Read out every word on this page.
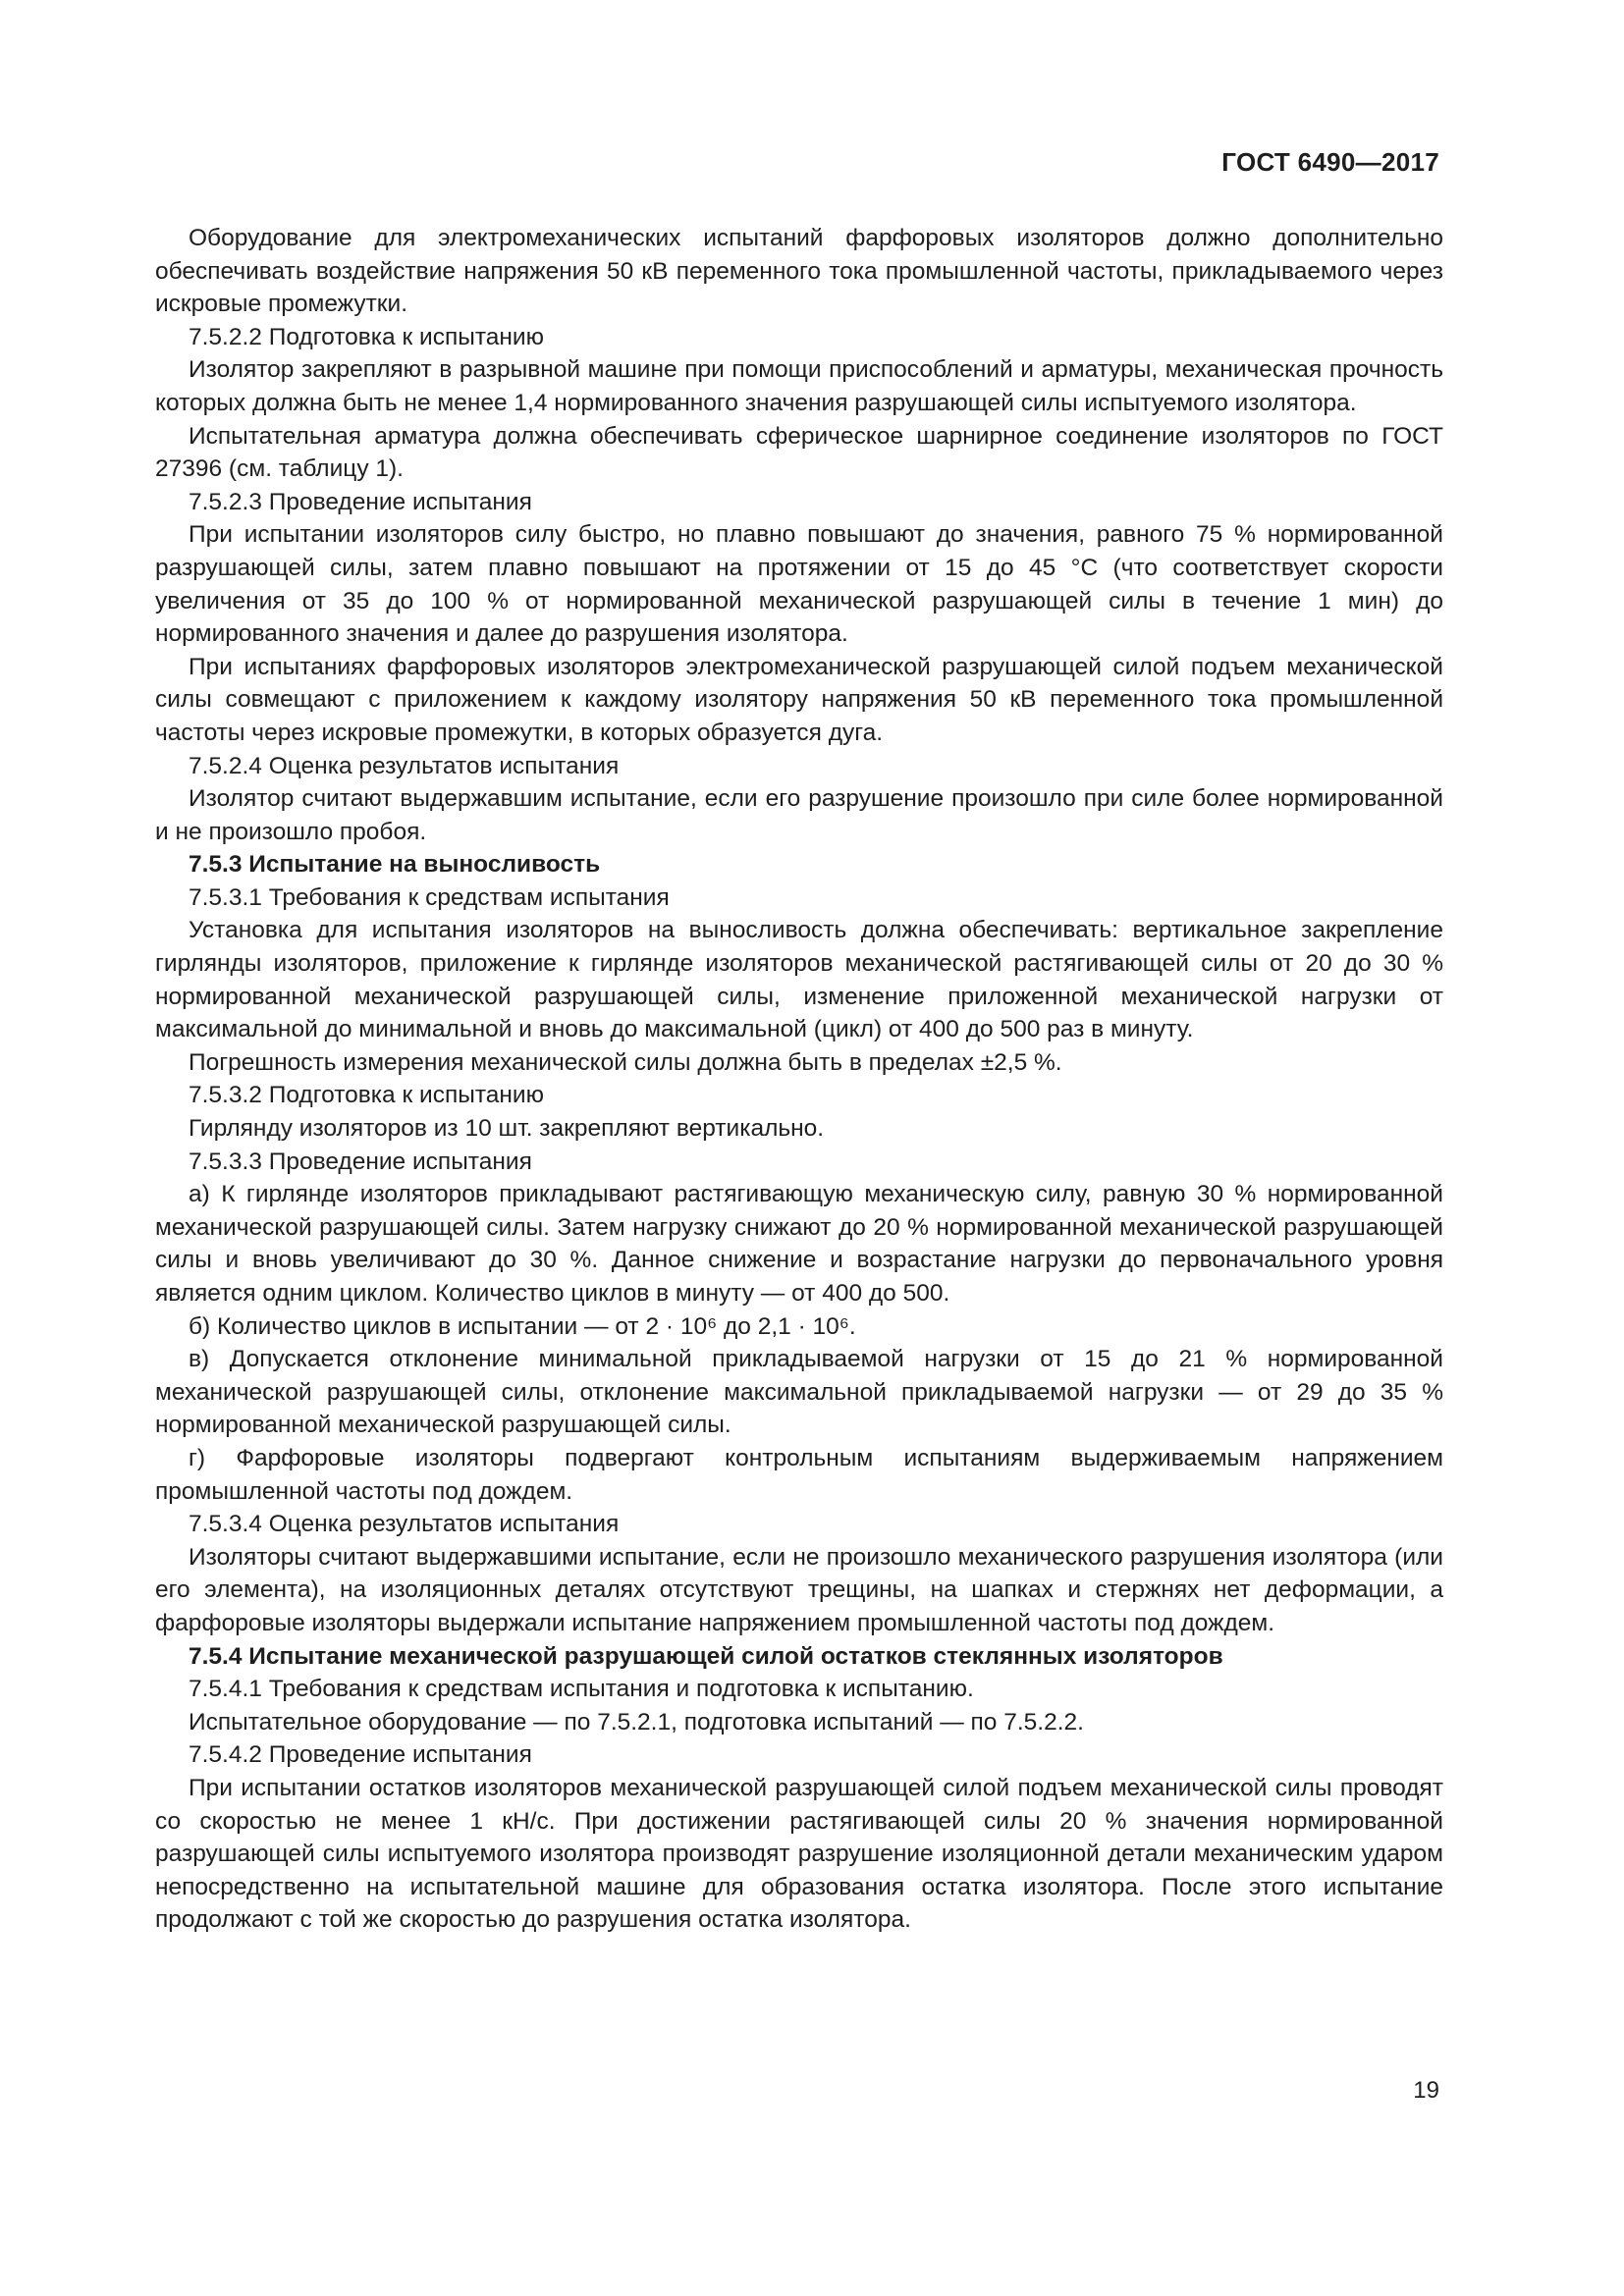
ГОСТ 6490—2017

Оборудование для электромеханических испытаний фарфоровых изоляторов должно дополнительно обеспечивать воздействие напряжения 50 кВ переменного тока промышленной частоты, прикладываемого через искровые промежутки.

7.5.2.2 Подготовка к испытанию

Изолятор закрепляют в разрывной машине при помощи приспособлений и арматуры, механическая прочность которых должна быть не менее 1,4 нормированного значения разрушающей силы испытуемого изолятора.

Испытательная арматура должна обеспечивать сферическое шарнирное соединение изоляторов по ГОСТ 27396 (см. таблицу 1).

7.5.2.3 Проведение испытания

При испытании изоляторов силу быстро, но плавно повышают до значения, равного 75 % нормированной разрушающей силы, затем плавно повышают на протяжении от 15 до 45 °С (что соответствует скорости увеличения от 35 до 100 % от нормированной механической разрушающей силы в течение 1 мин) до нормированного значения и далее до разрушения изолятора.

При испытаниях фарфоровых изоляторов электромеханической разрушающей силой подъем механической силы совмещают с приложением к каждому изолятору напряжения 50 кВ переменного тока промышленной частоты через искровые промежутки, в которых образуется дуга.

7.5.2.4 Оценка результатов испытания

Изолятор считают выдержавшим испытание, если его разрушение произошло при силе более нормированной и не произошло пробоя.

7.5.3 Испытание на выносливость

7.5.3.1 Требования к средствам испытания

Установка для испытания изоляторов на выносливость должна обеспечивать: вертикальное закрепление гирлянды изоляторов, приложение к гирлянде изоляторов механической растягивающей силы от 20 до 30 % нормированной механической разрушающей силы, изменение приложенной механической нагрузки от максимальной до минимальной и вновь до максимальной (цикл) от 400 до 500 раз в минуту.

Погрешность измерения механической силы должна быть в пределах ±2,5 %.

7.5.3.2 Подготовка к испытанию

Гирлянду изоляторов из 10 шт. закрепляют вертикально.

7.5.3.3 Проведение испытания

а) К гирлянде изоляторов прикладывают растягивающую механическую силу, равную 30 % нормированной механической разрушающей силы. Затем нагрузку снижают до 20 % нормированной механической разрушающей силы и вновь увеличивают до 30 %. Данное снижение и возрастание нагрузки до первоначального уровня является одним циклом. Количество циклов в минуту — от 400 до 500.

б) Количество циклов в испытании — от 2 · 10⁶ до 2,1 · 10⁶.

в) Допускается отклонение минимальной прикладываемой нагрузки от 15 до 21 % нормированной механической разрушающей силы, отклонение максимальной прикладываемой нагрузки — от 29 до 35 % нормированной механической разрушающей силы.

г) Фарфоровые изоляторы подвергают контрольным испытаниям выдерживаемым напряжением промышленной частоты под дождем.

7.5.3.4 Оценка результатов испытания

Изоляторы считают выдержавшими испытание, если не произошло механического разрушения изолятора (или его элемента), на изоляционных деталях отсутствуют трещины, на шапках и стержнях нет деформации, а фарфоровые изоляторы выдержали испытание напряжением промышленной частоты под дождем.

7.5.4 Испытание механической разрушающей силой остатков стеклянных изоляторов

7.5.4.1 Требования к средствам испытания и подготовка к испытанию.

Испытательное оборудование — по 7.5.2.1, подготовка испытаний — по 7.5.2.2.

7.5.4.2 Проведение испытания

При испытании остатков изоляторов механической разрушающей силой подъем механической силы проводят со скоростью не менее 1 кН/с. При достижении растягивающей силы 20 % значения нормированной разрушающей силы испытуемого изолятора производят разрушение изоляционной детали механическим ударом непосредственно на испытательной машине для образования остатка изолятора. После этого испытание продолжают с той же скоростью до разрушения остатка изолятора.

19
